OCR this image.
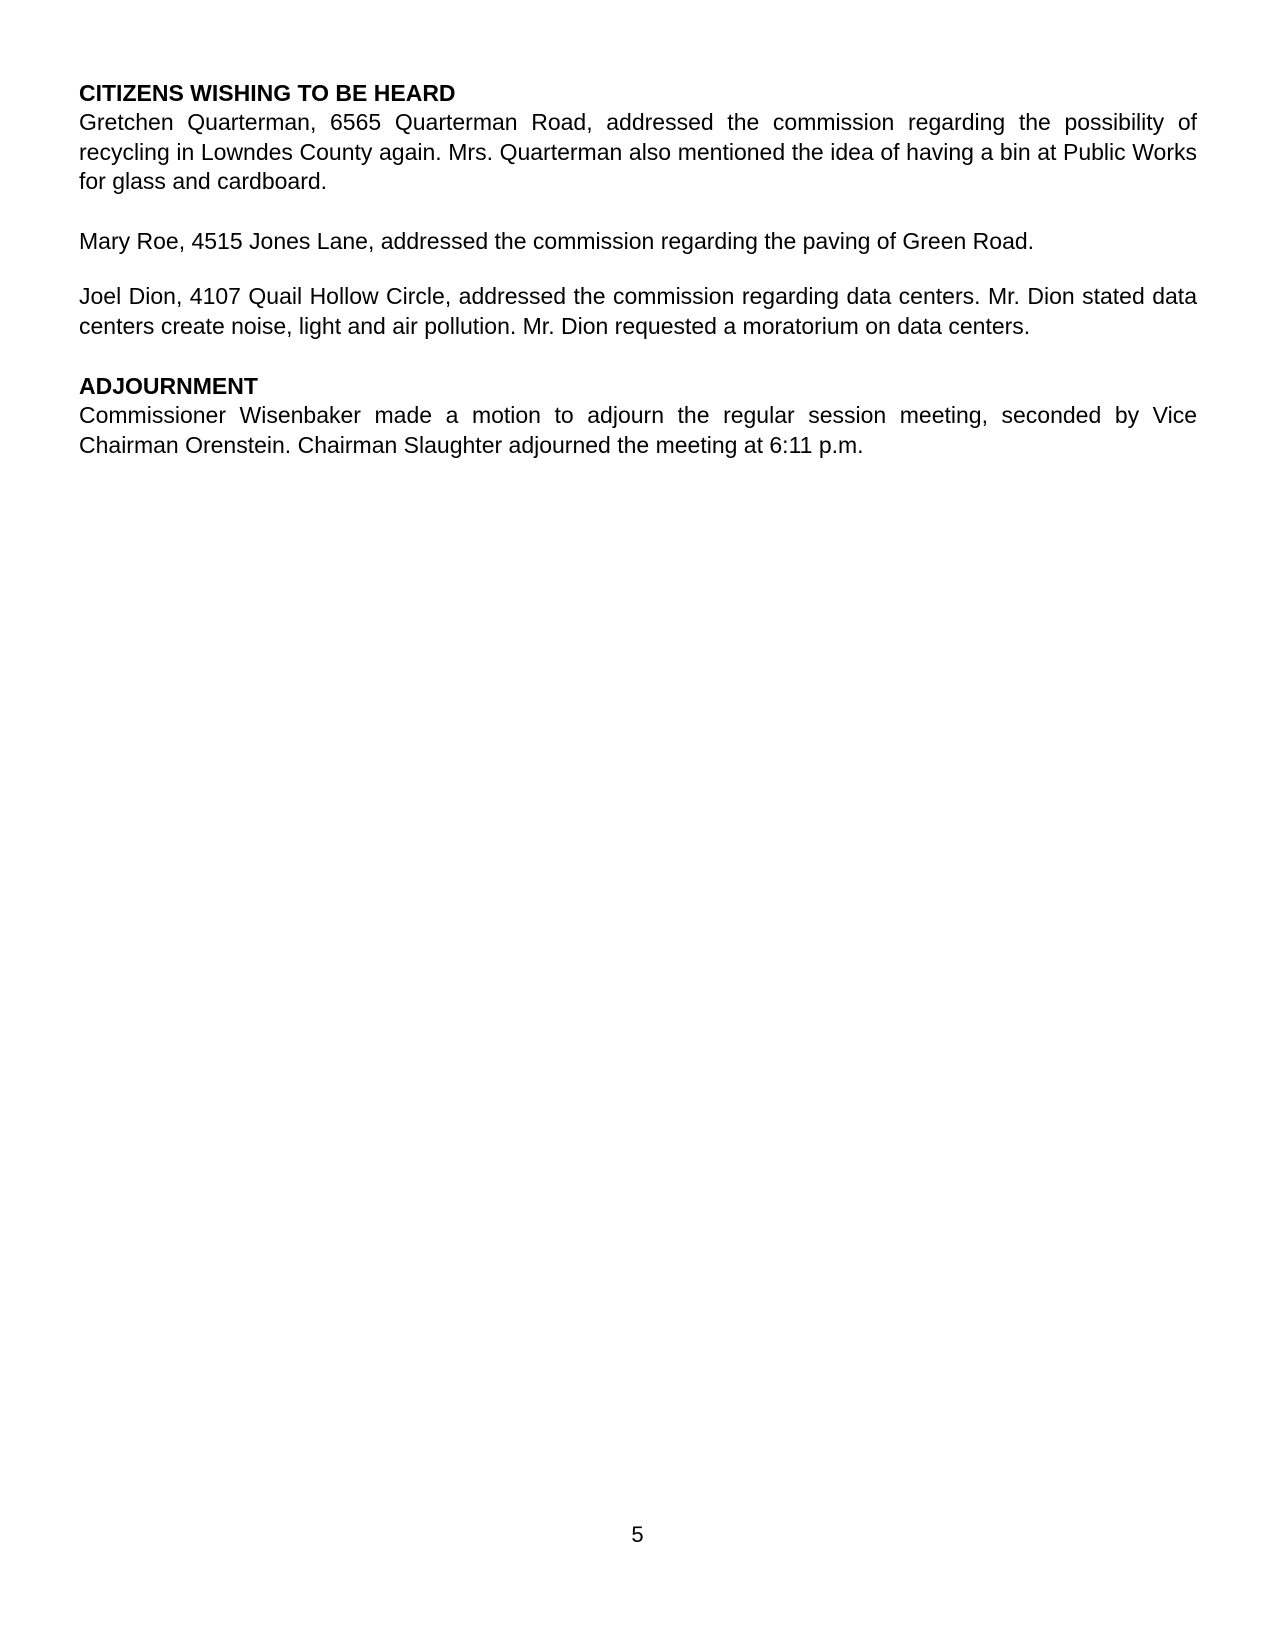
CITIZENS WISHING TO BE HEARD

Gretchen Quarterman, 6565 Quarterman Road, addressed the commission regarding the possibility of recycling in Lowndes County again. Mrs. Quarterman also mentioned the idea of having a bin at Public Works for glass and cardboard.

Mary Roe, 4515 Jones Lane, addressed the commission regarding the paving of Green Road.

Joel Dion, 4107 Quail Hollow Circle, addressed the commission regarding data centers. Mr. Dion stated data centers create noise, light and air pollution. Mr. Dion requested a moratorium on data centers.

ADJOURNMENT

Commissioner Wisenbaker made a motion to adjourn the regular session meeting, seconded by Vice Chairman Orenstein. Chairman Slaughter adjourned the meeting at 6:11 p.m.

5
